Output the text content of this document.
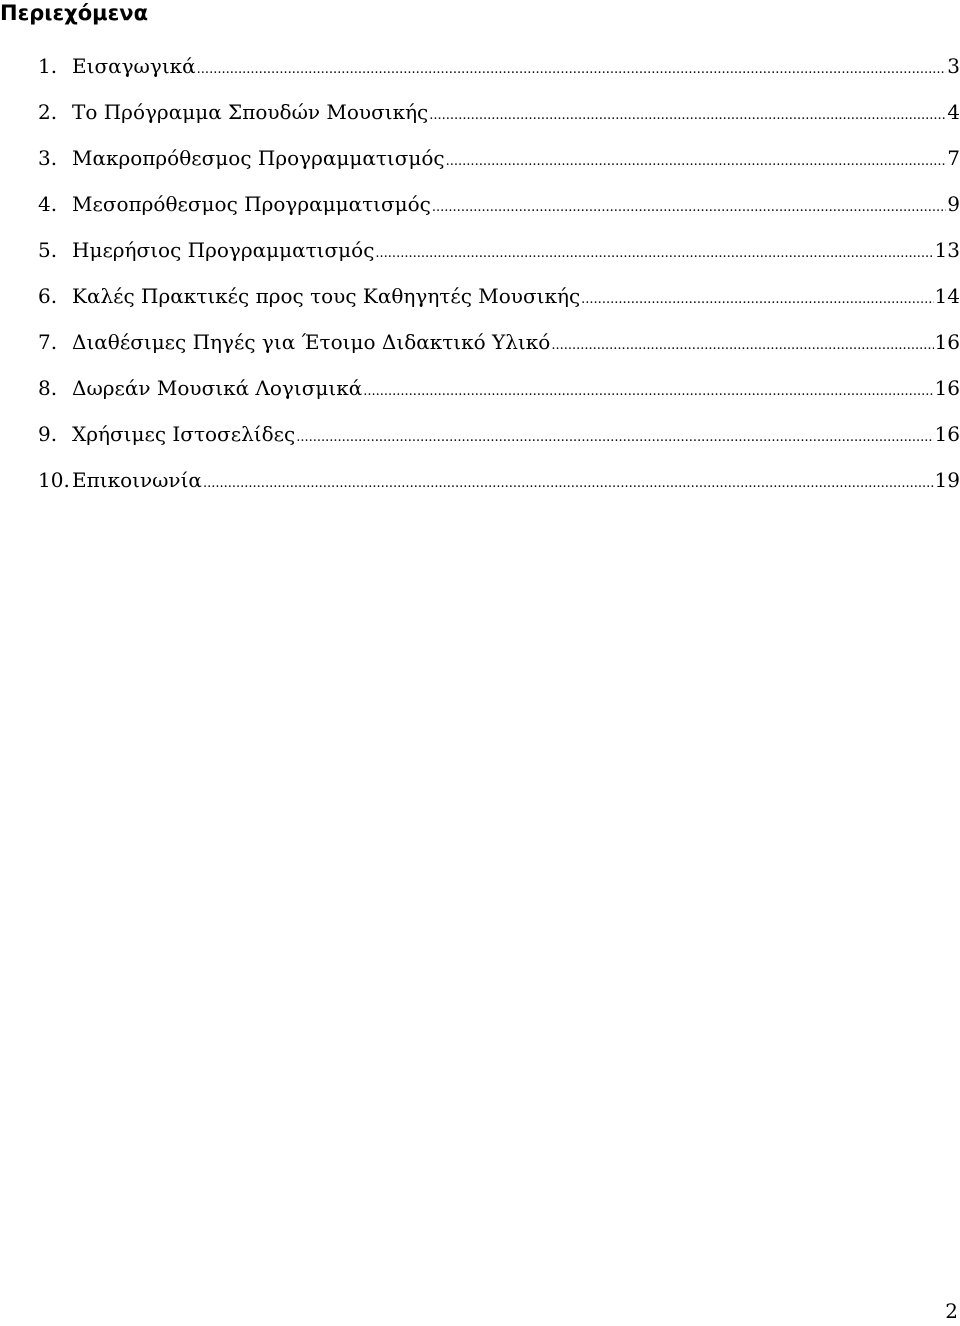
Περιεχόμενα
1. Εισαγωγικά .....	3
2. Το Πρόγραμμα Σπουδών Μουσικής .....	4
3. Μακροπρόθεσμος Προγραμματισμός .....	7
4. Μεσοπρόθεσμος Προγραμματισμός .....	9
5. Ημερήσιος Προγραμματισμός .....	13
6. Καλές Πρακτικές προς τους Καθηγητές Μουσικής .....	14
7. Διαθέσιμες Πηγές για Έτοιμο Διδακτικό Υλικό .....	16
8. Δωρεάν Μουσικά Λογισμικά .....	16
9. Χρήσιμες Ιστοσελίδες .....	16
10. Επικοινωνία .....	19
2
